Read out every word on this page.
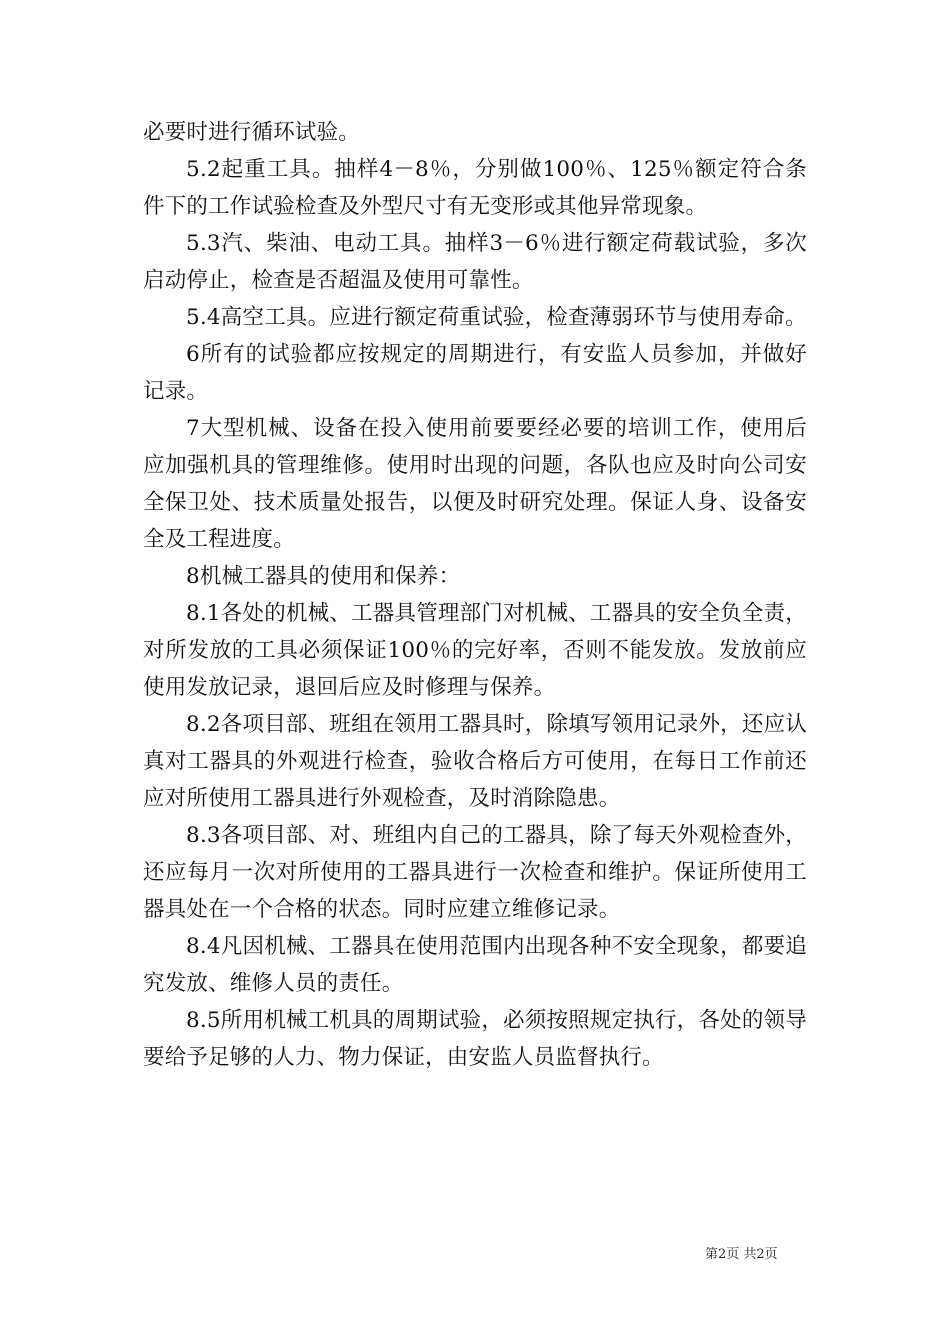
必要时进行循环试验。

5.2起重工具。抽样4－8％，分别做100％、125％额定符合条件下的工作试验检查及外型尺寸有无变形或其他异常现象。

5.3汽、柴油、电动工具。抽样3－6％进行额定荷载试验，多次启动停止，检查是否超温及使用可靠性。

5.4高空工具。应进行额定荷重试验，检查薄弱环节与使用寿命。

6所有的试验都应按规定的周期进行，有安监人员参加，并做好记录。

7大型机械、设备在投入使用前要要经必要的培训工作，使用后应加强机具的管理维修。使用时出现的问题，各队也应及时向公司安全保卫处、技术质量处报告，以便及时研究处理。保证人身、设备安全及工程进度。

8机械工器具的使用和保养：

8.1各处的机械、工器具管理部门对机械、工器具的安全负全责，对所发放的工具必须保证100％的完好率，否则不能发放。发放前应使用发放记录，退回后应及时修理与保养。

8.2各项目部、班组在领用工器具时，除填写领用记录外，还应认真对工器具的外观进行检查，验收合格后方可使用，在每日工作前还应对所使用工器具进行外观检查，及时消除隐患。

8.3各项目部、对、班组内自己的工器具，除了每天外观检查外，还应每月一次对所使用的工器具进行一次检查和维护。保证所使用工器具处在一个合格的状态。同时应建立维修记录。

8.4凡因机械、工器具在使用范围内出现各种不安全现象，都要追究发放、维修人员的责任。

8.5所用机械工机具的周期试验，必须按照规定执行，各处的领导要给予足够的人力、物力保证，由安监人员监督执行。

第2页 共2页
